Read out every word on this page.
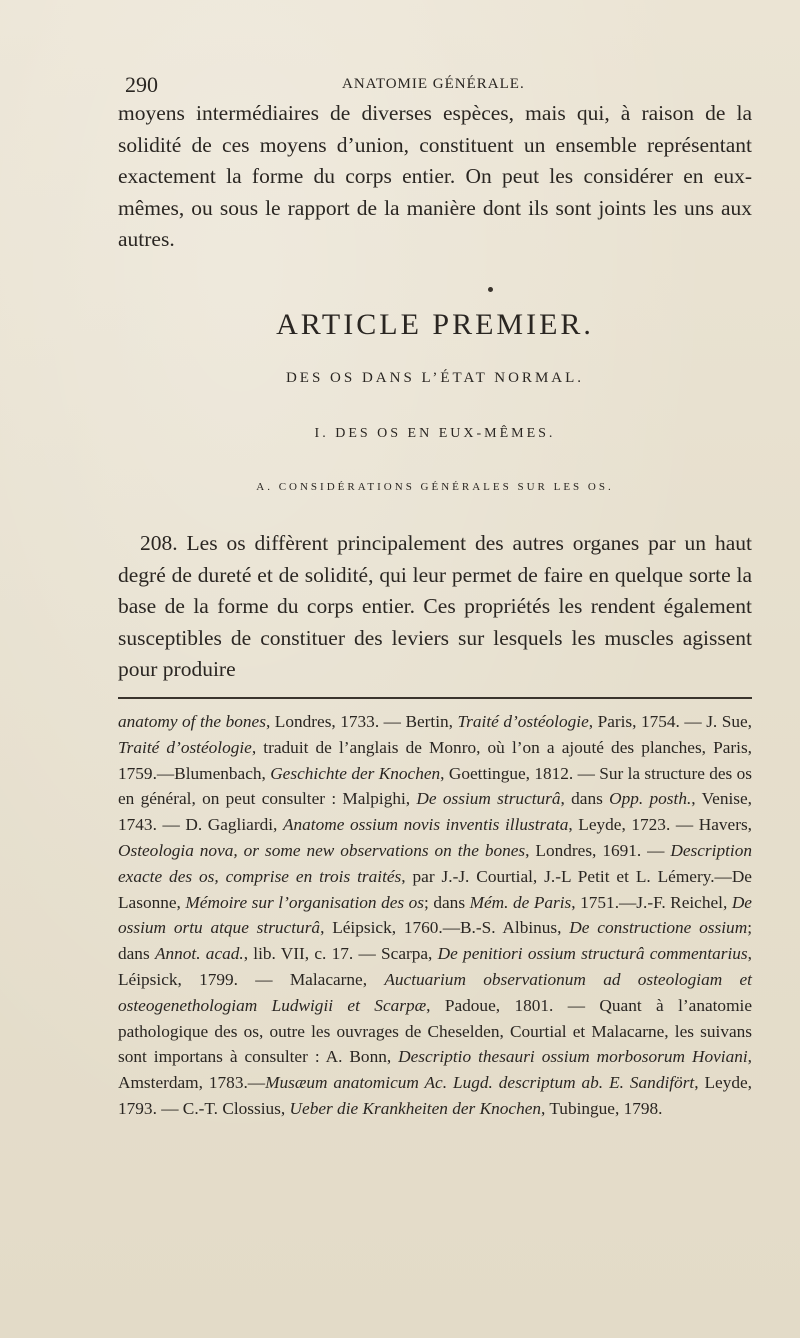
290	ANATOMIE GÉNÉRALE.
moyens intermédiaires de diverses espèces, mais qui, à raison de la solidité de ces moyens d’union, constituent un ensemble représentant exactement la forme du corps entier. On peut les considérer en eux-mêmes, ou sous le rapport de la manière dont ils sont joints les uns aux autres.
ARTICLE PREMIER.
DES OS DANS L’ÉTAT NORMAL.
I. DES OS EN EUX-MÊMES.
A. CONSIDÉRATIONS GÉNÉRALES SUR LES OS.
208. Les os diffèrent principalement des autres organes par un haut degré de dureté et de solidité, qui leur permet de faire en quelque sorte la base de la forme du corps entier. Ces propriétés les rendent également susceptibles de constituer des leviers sur lesquels les muscles agissent pour produire
anatomy of the bones, Londres, 1733. — Bertin, Traité d’ostéologie, Paris, 1754. — J. Sue, Traité d’ostéologie, traduit de l’anglais de Monro, où l’on a ajouté des planches, Paris, 1759.—Blumenbach, Geschichte der Knochen, Goettingue, 1812. — Sur la structure des os en général, on peut consulter : Malpighi, De ossium structurâ, dans Opp. posth., Venise, 1743. — D. Gagliardi, Anatome ossium novis inventis illustrata, Leyde, 1723. — Havers, Osteologia nova, or some new observations on the bones, Londres, 1691. — Description exacte des os, comprise en trois traités, par J.-J. Courtial, J.-L Petit et L. Lémery.—De Lasonne, Mémoire sur l’organisation des os; dans Mém. de Paris, 1751.—J.-F. Reichel, De ossium ortu atque structurâ, Léipsick, 1760.—B.-S. Albinus, De constructione ossium; dans Annot. acad., lib. VII, c. 17. — Scarpa, De penitiori ossium structurâ commentarius, Léipsick, 1799. — Malacarne, Auctuarium observationum ad osteologiam et osteogenethologiam Ludwigii et Scarpæ, Padoue, 1801. — Quant à l’anatomie pathologique des os, outre les ouvrages de Cheselden, Courtial et Malacarne, les suivans sont importans à consulter : A. Bonn, Descriptio thesauri ossium morbosorum Hoviani, Amsterdam, 1783.—Musæum anatomicum Ac. Lugd. descriptum ab. E. Sandifört, Leyde, 1793. — C.-T. Clossius, Ueber die Krankheiten der Knochen, Tubingue, 1798.
